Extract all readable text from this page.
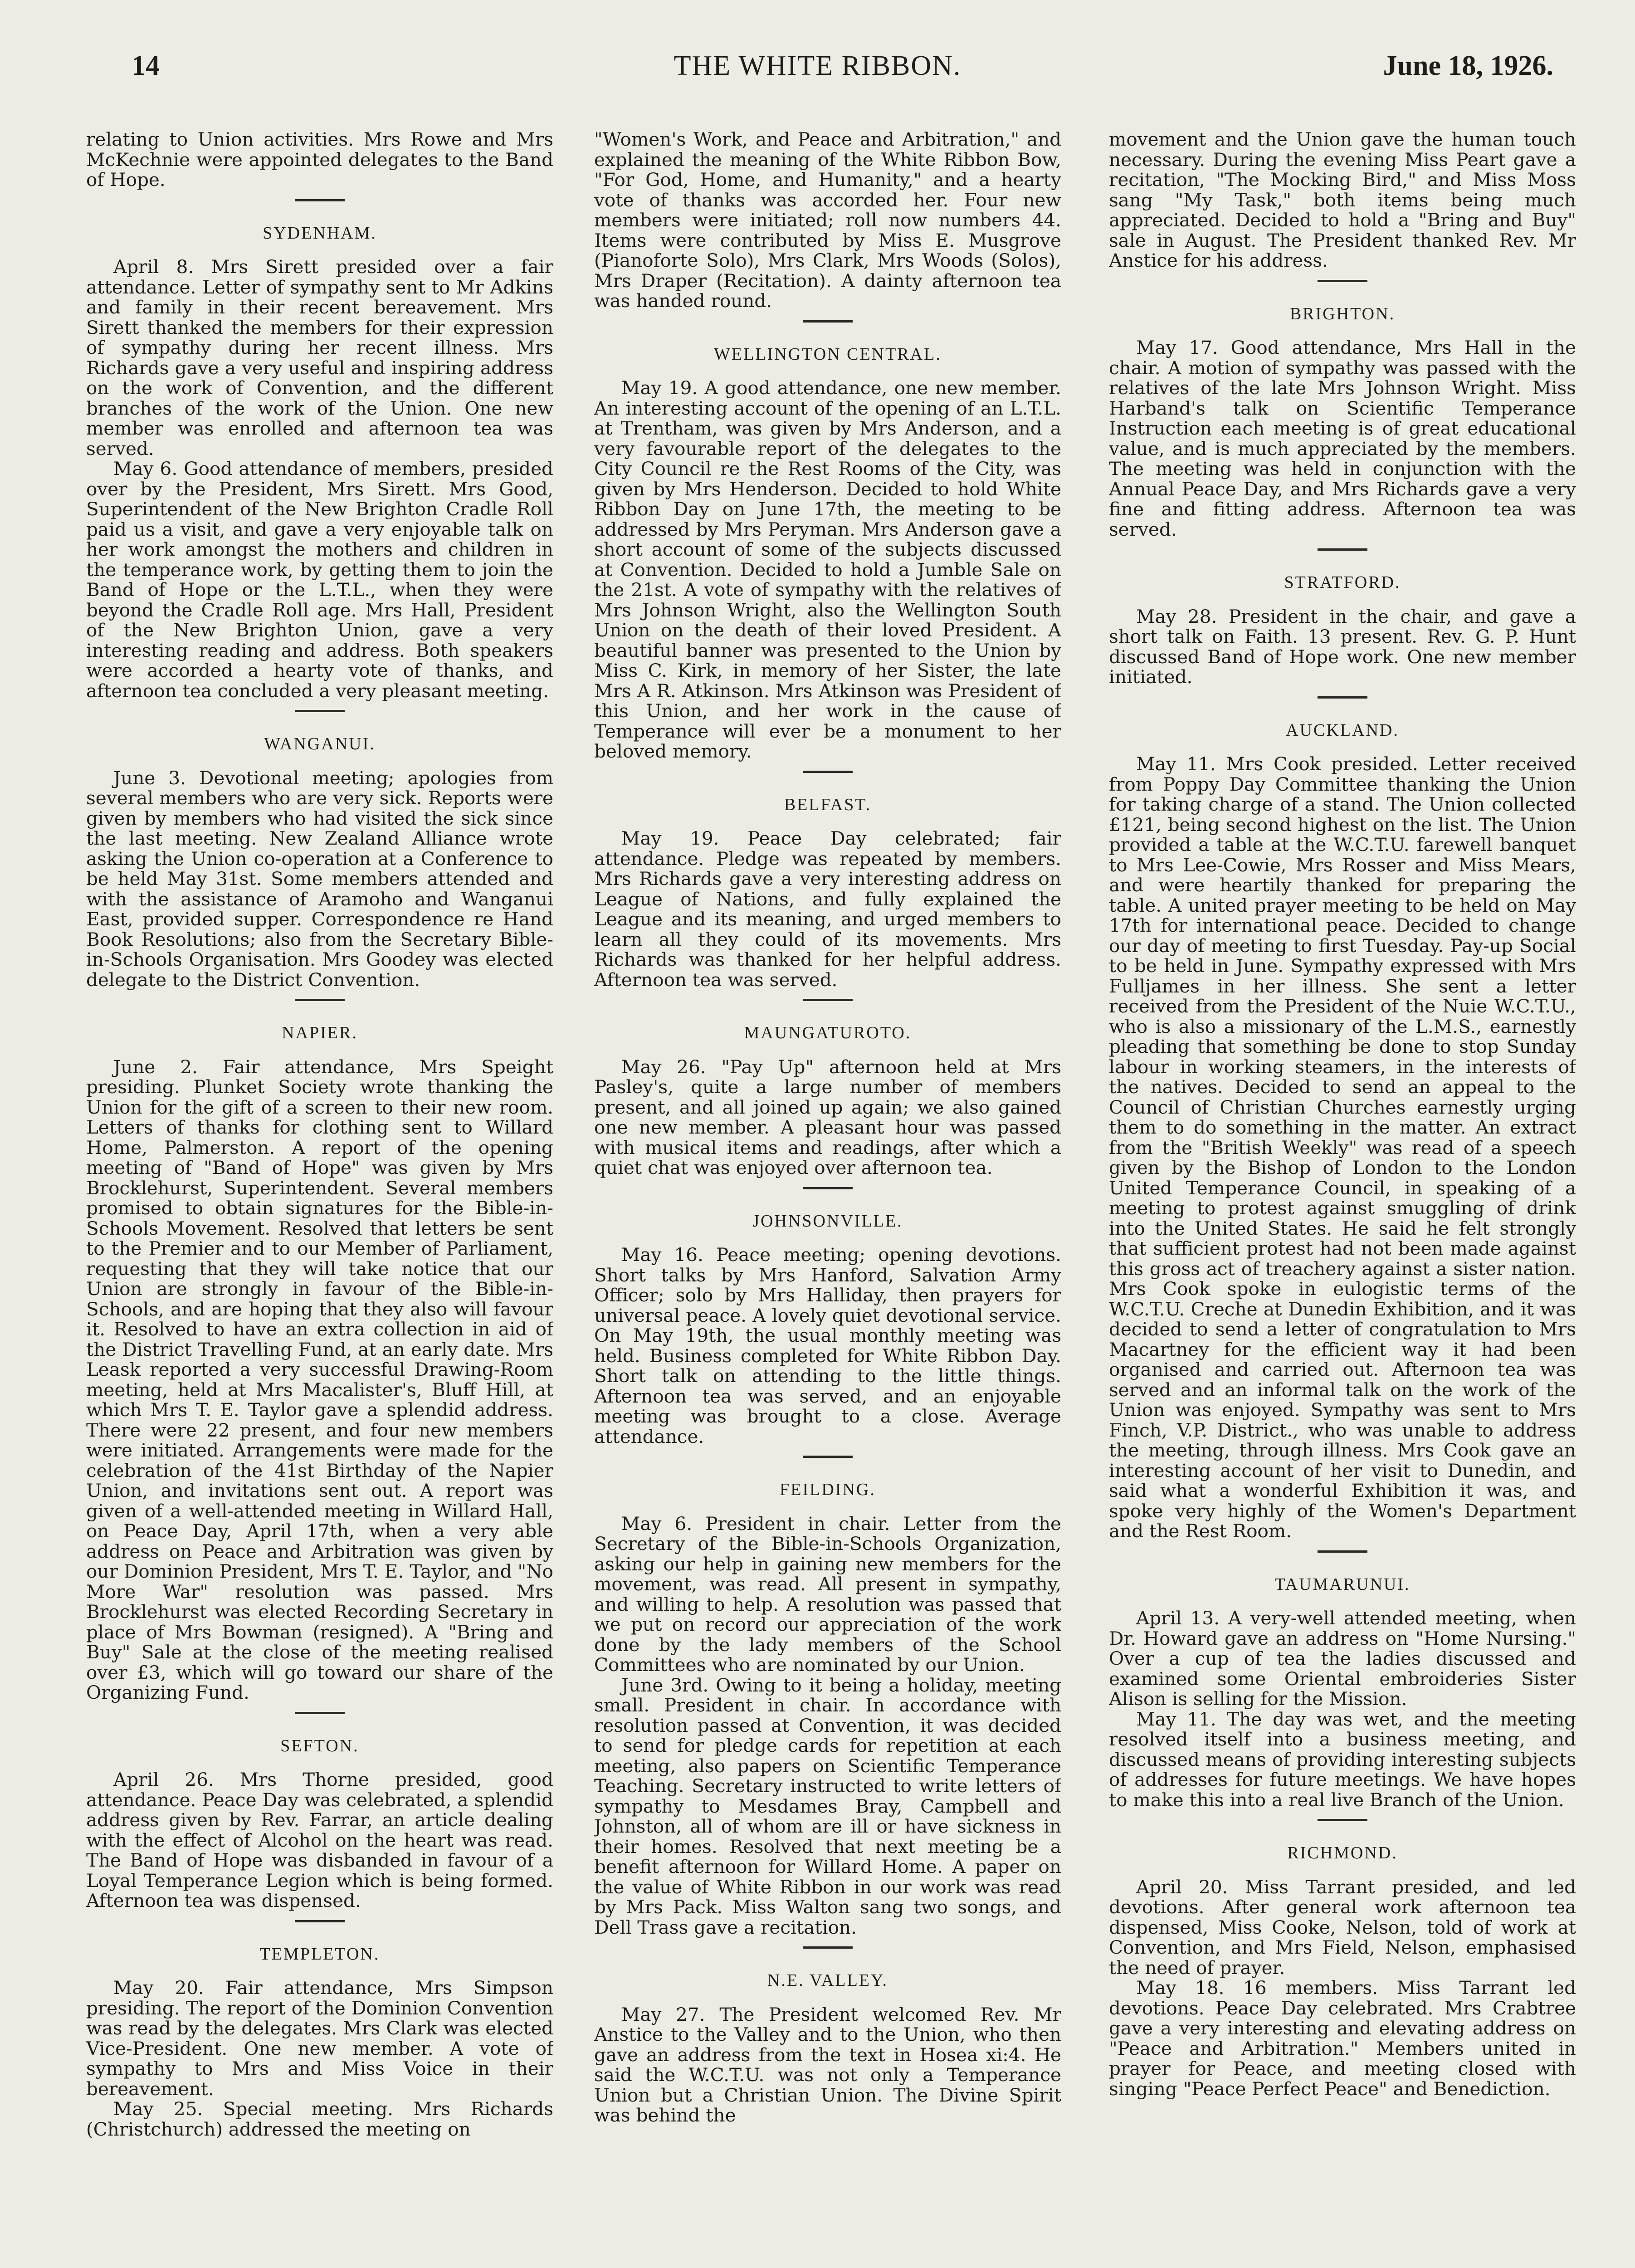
14	THE WHITE RIBBON.	June 18, 1926.

relating to Union activities. Mrs Rowe and Mrs McKechnie were appointed delegates to the Band of Hope.

SYDENHAM.

April 8. Mrs Sirett presided over a fair attendance. Letter of sympathy sent to Mr Adkins and family in their recent bereavement. Mrs Sirett thanked the members for their expression of sympathy during her recent illness. Mrs Richards gave a very useful and inspiring address on the work of Convention, and the different branches of the work of the Union. One new member was enrolled and afternoon tea was served.

May 6. Good attendance of members, presided over by the President, Mrs Sirett. Mrs Good, Superintendent of the New Brighton Cradle Roll paid us a visit, and gave a very enjoyable talk on her work amongst the mothers and children in the temperance work, by getting them to join the Band of Hope or the L.T.L., when they were beyond the Cradle Roll age. Mrs Hall, President of the New Brighton Union, gave a very interesting reading and address. Both speakers were accorded a hearty vote of thanks, and afternoon tea concluded a very pleasant meeting.

WANGANUI.

June 3. Devotional meeting; apologies from several members who are very sick. Reports were given by members who had visited the sick since the last meeting. New Zealand Alliance wrote asking the Union co-operation at a Conference to be held May 31st. Some members attended and with the assistance of Aramoho and Wanganui East, provided supper. Correspondence re Hand Book Resolutions; also from the Secretary Bible-in-Schools Organisation. Mrs Goodey was elected delegate to the District Convention.

NAPIER.

June 2. Fair attendance, Mrs Speight presiding. Plunket Society wrote thanking the Union for the gift of a screen to their new room. Letters of thanks for clothing sent to Willard Home, Palmerston. A report of the opening meeting of "Band of Hope" was given by Mrs Brocklehurst, Superintendent. Several members promised to obtain signatures for the Bible-in-Schools Movement. Resolved that letters be sent to the Premier and to our Member of Parliament, requesting that they will take notice that our Union are strongly in favour of the Bible-in-Schools, and are hoping that they also will favour it. Resolved to have an extra collection in aid of the District Travelling Fund, at an early date. Mrs Leask reported a very successful Drawing-Room meeting, held at Mrs Macalister's, Bluff Hill, at which Mrs T. E. Taylor gave a splendid address. There were 22 present, and four new members were initiated. Arrangements were made for the celebration of the 41st Birthday of the Napier Union, and invitations sent out. A report was given of a well-attended meeting in Willard Hall, on Peace Day, April 17th, when a very able address on Peace and Arbitration was given by our Dominion President, Mrs T. E. Taylor, and "No More War" resolution was passed. Mrs Brocklehurst was elected Recording Secretary in place of Mrs Bowman (resigned). A "Bring and Buy" Sale at the close of the meeting realised over £3, which will go toward our share of the Organizing Fund.

SEFTON.

April 26. Mrs Thorne presided, good attendance. Peace Day was celebrated, a splendid address given by Rev. Farrar, an article dealing with the effect of Alcohol on the heart was read. The Band of Hope was disbanded in favour of a Loyal Temperance Legion which is being formed. Afternoon tea was dispensed.

TEMPLETON.

May 20. Fair attendance, Mrs Simpson presiding. The report of the Dominion Convention was read by the delegates. Mrs Clark was elected Vice-President. One new member. A vote of sympathy to Mrs and Miss Voice in their bereavement.

May 25. Special meeting. Mrs Richards (Christchurch) addressed the meeting on

"Women's Work, and Peace and Arbitration," and explained the meaning of the White Ribbon Bow, "For God, Home, and Humanity," and a hearty vote of thanks was accorded her. Four new members were initiated; roll now numbers 44. Items were contributed by Miss E. Musgrove (Pianoforte Solo), Mrs Clark, Mrs Woods (Solos), Mrs Draper (Recitation). A dainty afternoon tea was handed round.

WELLINGTON CENTRAL.

May 19. A good attendance, one new member. An interesting account of the opening of an L.T.L. at Trentham, was given by Mrs Anderson, and a very favourable report of the delegates to the City Council re the Rest Rooms of the City, was given by Mrs Henderson. Decided to hold White Ribbon Day on June 17th, the meeting to be addressed by Mrs Peryman. Mrs Anderson gave a short account of some of the subjects discussed at Convention. Decided to hold a Jumble Sale on the 21st. A vote of sympathy with the relatives of Mrs Johnson Wright, also the Wellington South Union on the death of their loved President. A beautiful banner was presented to the Union by Miss C. Kirk, in memory of her Sister, the late Mrs A R. Atkinson. Mrs Atkinson was President of this Union, and her work in the cause of Temperance will ever be a monument to her beloved memory.

BELFAST.

May 19. Peace Day celebrated; fair attendance. Pledge was repeated by members. Mrs Richards gave a very interesting address on League of Nations, and fully explained the League and its meaning, and urged members to learn all they could of its movements. Mrs Richards was thanked for her helpful address. Afternoon tea was served.

MAUNGATUROTO.

May 26. "Pay Up" afternoon held at Mrs Pasley's, quite a large number of members present, and all joined up again; we also gained one new member. A pleasant hour was passed with musical items and readings, after which a quiet chat was enjoyed over afternoon tea.

JOHNSONVILLE.

May 16. Peace meeting; opening devotions. Short talks by Mrs Hanford, Salvation Army Officer; solo by Mrs Halliday, then prayers for universal peace. A lovely quiet devotional service. On May 19th, the usual monthly meeting was held. Business completed for White Ribbon Day. Short talk on attending to the little things. Afternoon tea was served, and an enjoyable meeting was brought to a close. Average attendance.

FEILDING.

May 6. President in chair. Letter from the Secretary of the Bible-in-Schools Organization, asking our help in gaining new members for the movement, was read. All present in sympathy, and willing to help. A resolution was passed that we put on record our appreciation of the work done by the lady members of the School Committees who are nominated by our Union.

June 3rd. Owing to it being a holiday, meeting small. President in chair. In accordance with resolution passed at Convention, it was decided to send for pledge cards for repetition at each meeting, also papers on Scientific Temperance Teaching. Secretary instructed to write letters of sympathy to Mesdames Bray, Campbell and Johnston, all of whom are ill or have sickness in their homes. Resolved that next meeting be a benefit afternoon for Willard Home. A paper on the value of White Ribbon in our work was read by Mrs Pack. Miss Walton sang two songs, and Dell Trass gave a recitation.

N.E. VALLEY.

May 27. The President welcomed Rev. Mr Anstice to the Valley and to the Union, who then gave an address from the text in Hosea xi:4. He said the W.C.T.U. was not only a Temperance Union but a Christian Union. The Divine Spirit was behind the

movement and the Union gave the human touch necessary. During the evening Miss Peart gave a recitation, "The Mocking Bird," and Miss Moss sang "My Task," both items being much appreciated. Decided to hold a "Bring and Buy" sale in August. The President thanked Rev. Mr Anstice for his address.

BRIGHTON.

May 17. Good attendance, Mrs Hall in the chair. A motion of sympathy was passed with the relatives of the late Mrs Johnson Wright. Miss Harband's talk on Scientific Temperance Instruction each meeting is of great educational value, and is much appreciated by the members. The meeting was held in conjunction with the Annual Peace Day, and Mrs Richards gave a very fine and fitting address. Afternoon tea was served.

STRATFORD.

May 28. President in the chair, and gave a short talk on Faith. 13 present. Rev. G. P. Hunt discussed Band of Hope work. One new member initiated.

AUCKLAND.

May 11. Mrs Cook presided. Letter received from Poppy Day Committee thanking the Union for taking charge of a stand. The Union collected £121, being second highest on the list. The Union provided a table at the W.C.T.U. farewell banquet to Mrs Lee-Cowie, Mrs Rosser and Miss Mears, and were heartily thanked for preparing the table. A united prayer meeting to be held on May 17th for international peace. Decided to change our day of meeting to first Tuesday. Pay-up Social to be held in June. Sympathy expressed with Mrs Fulljames in her illness. She sent a letter received from the President of the Nuie W.C.T.U., who is also a missionary of the L.M.S., earnestly pleading that something be done to stop Sunday labour in working steamers, in the interests of the natives. Decided to send an appeal to the Council of Christian Churches earnestly urging them to do something in the matter. An extract from the "British Weekly" was read of a speech given by the Bishop of London to the London United Temperance Council, in speaking of a meeting to protest against smuggling of drink into the United States. He said he felt strongly that sufficient protest had not been made against this gross act of treachery against a sister nation. Mrs Cook spoke in eulogistic terms of the W.C.T.U. Creche at Dunedin Exhibition, and it was decided to send a letter of congratulation to Mrs Macartney for the efficient way it had been organised and carried out. Afternoon tea was served and an informal talk on the work of the Union was enjoyed. Sympathy was sent to Mrs Finch, V.P. District., who was unable to address the meeting, through illness. Mrs Cook gave an interesting account of her visit to Dunedin, and said what a wonderful Exhibition it was, and spoke very highly of the Women's Department and the Rest Room.

TAUMARUNUI.

April 13. A very-well attended meeting, when Dr. Howard gave an address on "Home Nursing." Over a cup of tea the ladies discussed and examined some Oriental embroideries Sister Alison is selling for the Mission.

May 11. The day was wet, and the meeting resolved itself into a business meeting, and discussed means of providing interesting subjects of addresses for future meetings. We have hopes to make this into a real live Branch of the Union.

RICHMOND.

April 20. Miss Tarrant presided, and led devotions. After general work afternoon tea dispensed, Miss Cooke, Nelson, told of work at Convention, and Mrs Field, Nelson, emphasised the need of prayer.

May 18. 16 members. Miss Tarrant led devotions. Peace Day celebrated. Mrs Crabtree gave a very interesting and elevating address on "Peace and Arbitration." Members united in prayer for Peace, and meeting closed with singing "Peace Perfect Peace" and Benediction.
